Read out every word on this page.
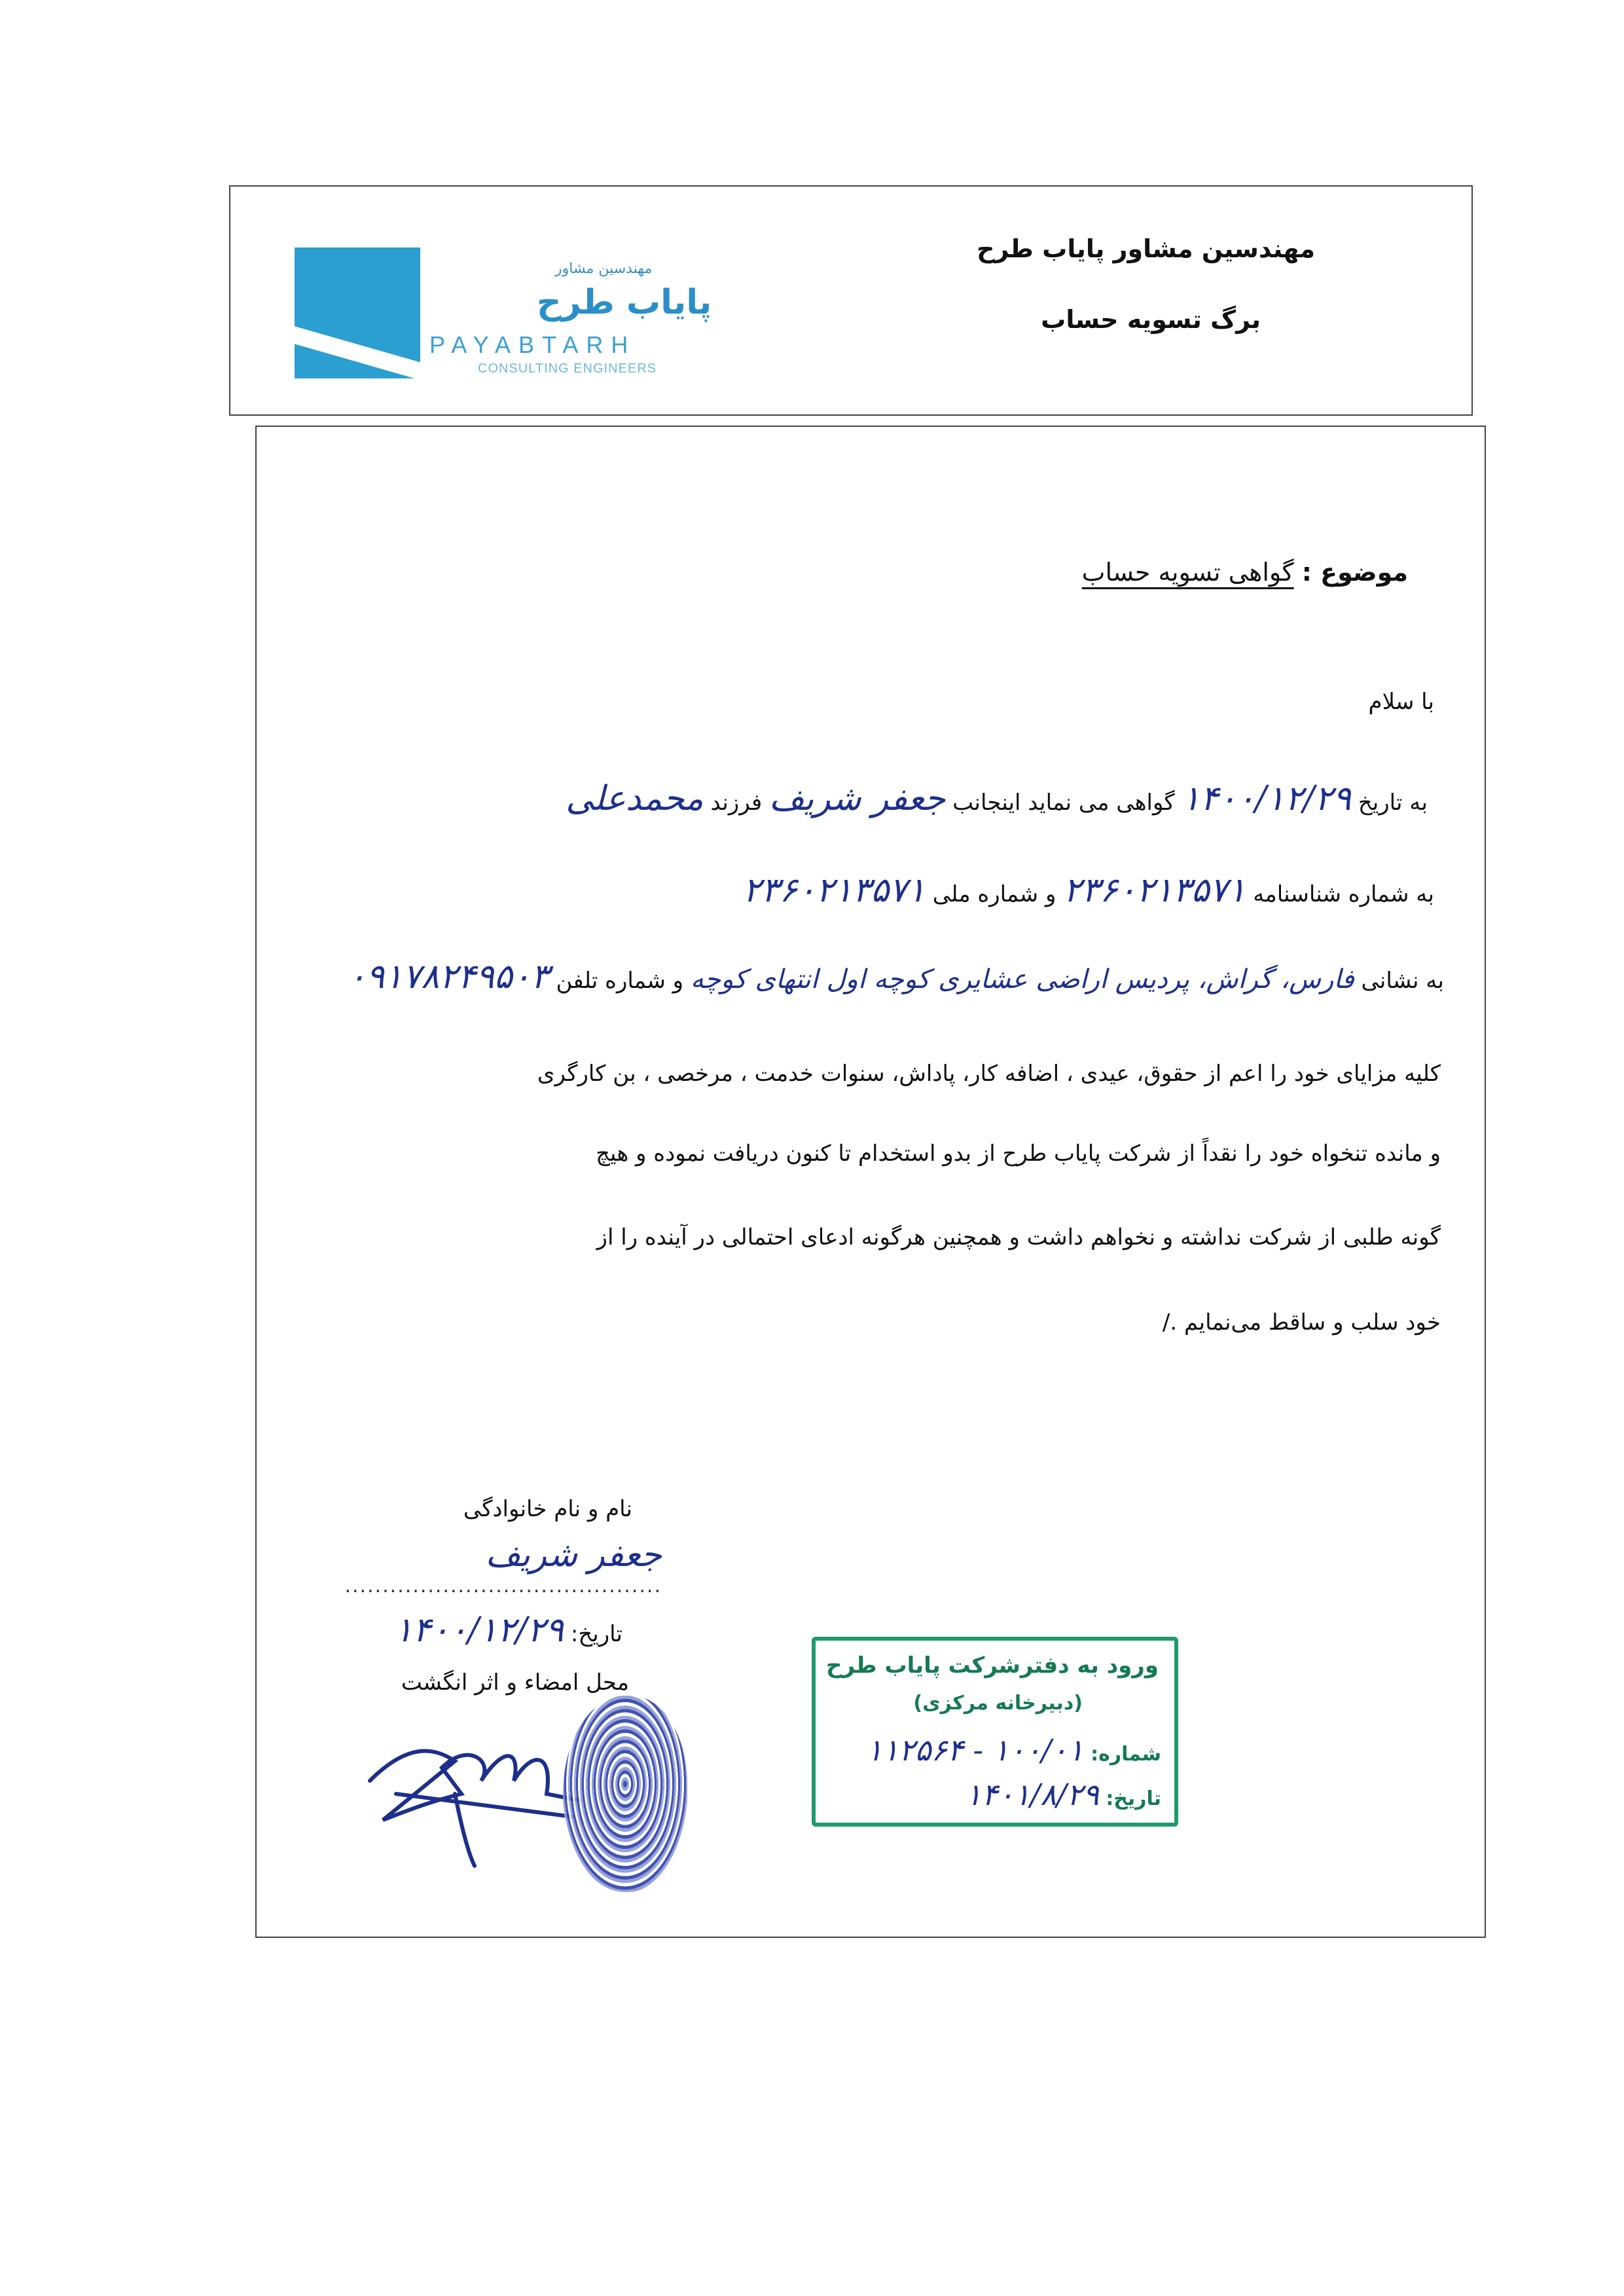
مهندسین مشاور
پایاب طرح
PAYABTARH
CONSULTING ENGINEERS
مهندسین مشاور پایاب طرح
برگ تسویه حساب
موضوع : گواهی تسویه حساب
با سلام
به تاریخ ۱۴۰۰/۱۲/۲۹ گواهی می نماید اینجانب جعفر شریف فرزند محمدعلی
به شماره شناسنامه ۲۳۶۰۲۱۳۵۷۱ و شماره ملی ۲۳۶۰۲۱۳۵۷۱
به نشانی فارس، گراش، پردیس اراضی عشایری کوچه اول انتهای کوچه و شماره تلفن ۰۹۱۷۸۲۴۹۵۰۳
کلیه مزایای خود را اعم از حقوق، عیدی ، اضافه کار، پاداش، سنوات خدمت ، مرخصی ، بن کارگری
و مانده تنخواه خود را نقداً از شرکت پایاب طرح از بدو استخدام تا کنون دریافت نموده و هیچ
گونه طلبی از شرکت نداشته و نخواهم داشت و همچنین هرگونه ادعای احتمالی در آینده را از
خود سلب و ساقط می‌نمایم ./
نام و نام خانوادگی
جعفر شریف
..........................................
تاریخ: ۱۴۰۰/۱۲/۲۹
محل امضاء و اثر انگشت
ورود به دفترشرکت پایاب طرح
(دبیرخانه مرکزی)
شماره: ۱۰۰/۰۱ - ۱۱۲۵۶۴
تاریخ: ۱۴۰۱/۸/۲۹
